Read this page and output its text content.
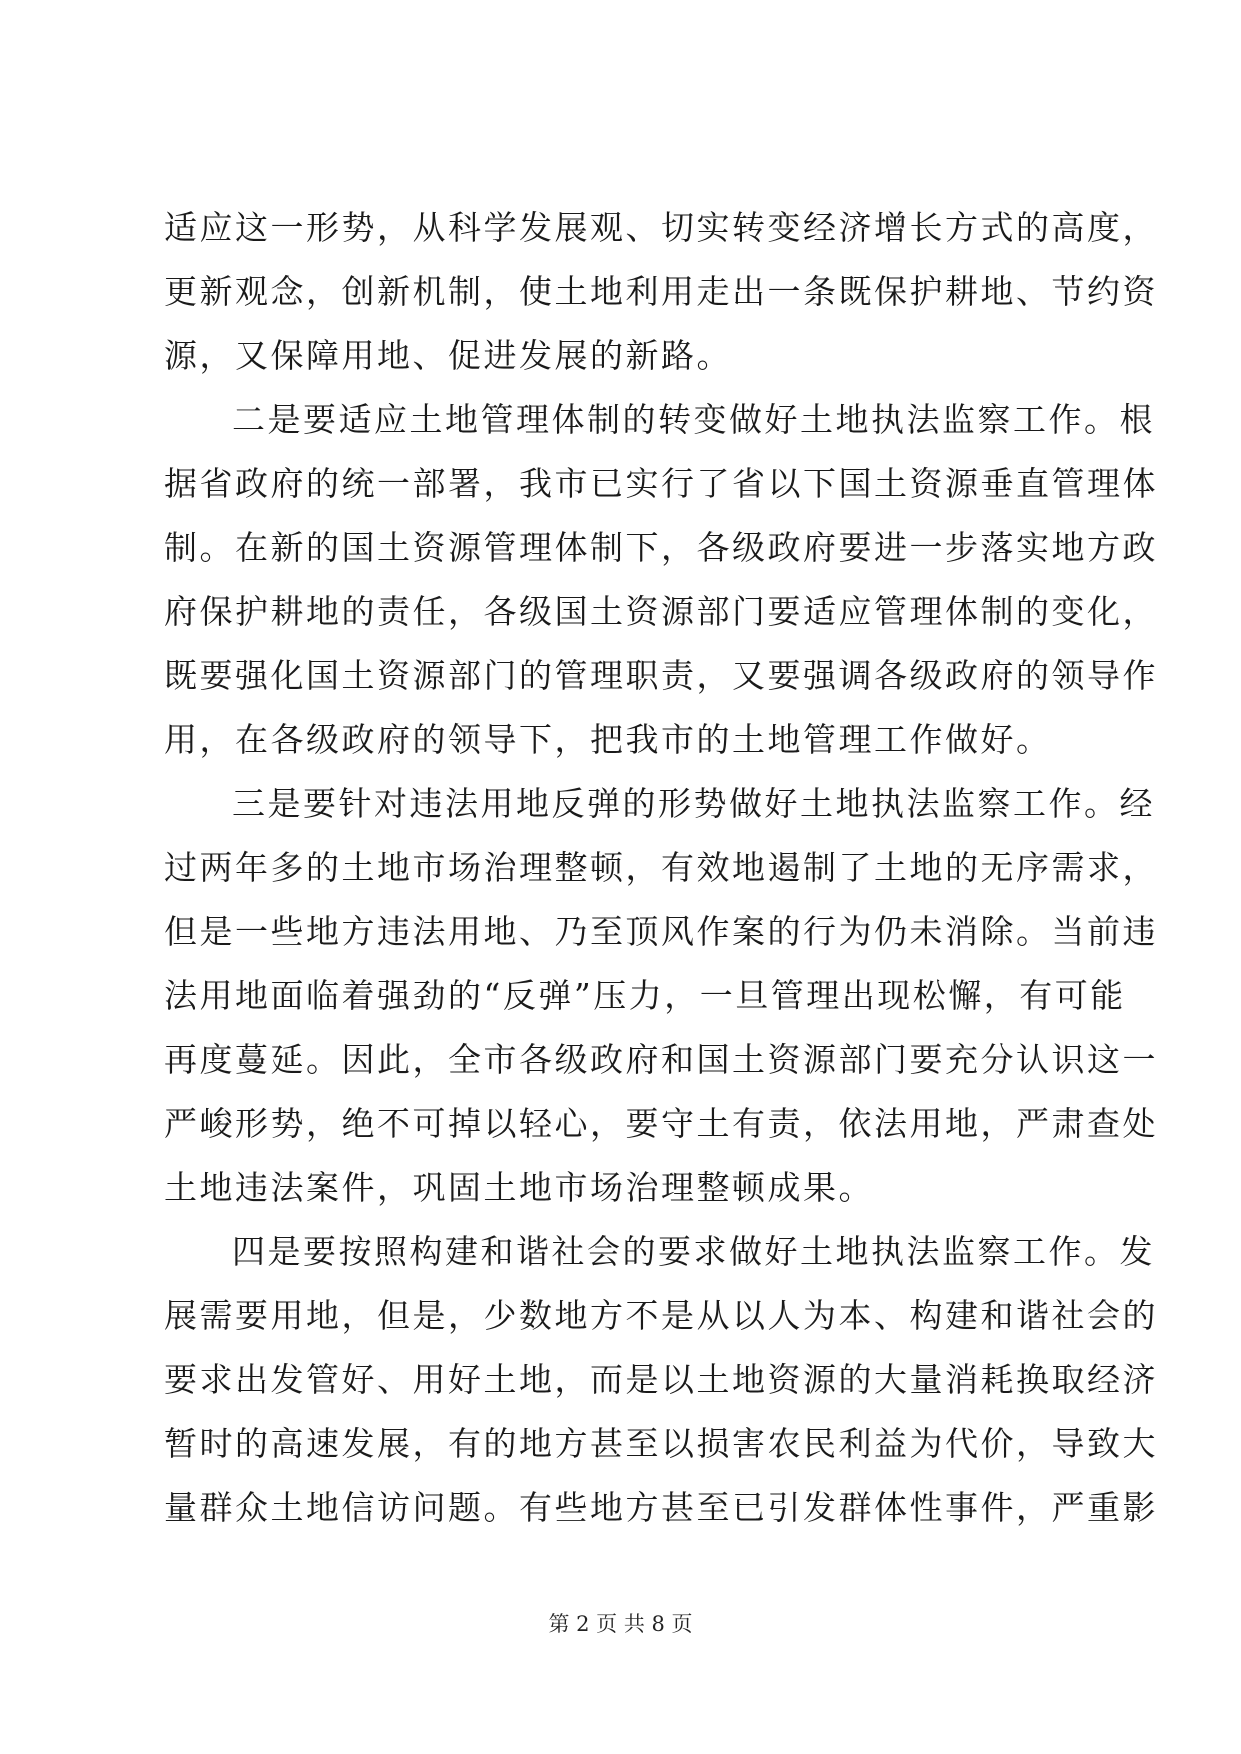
适应这一形势，从科学发展观、切实转变经济增长方式的高度，
更新观念，创新机制，使土地利用走出一条既保护耕地、节约资
源，又保障用地、促进发展的新路。
二是要适应土地管理体制的转变做好土地执法监察工作。根
据省政府的统一部署，我市已实行了省以下国土资源垂直管理体
制。在新的国土资源管理体制下，各级政府要进一步落实地方政
府保护耕地的责任，各级国土资源部门要适应管理体制的变化，
既要强化国土资源部门的管理职责，又要强调各级政府的领导作
用，在各级政府的领导下，把我市的土地管理工作做好。
三是要针对违法用地反弹的形势做好土地执法监察工作。经
过两年多的土地市场治理整顿，有效地遏制了土地的无序需求，
但是一些地方违法用地、乃至顶风作案的行为仍未消除。当前违
法用地面临着强劲的“反弹”压力，一旦管理出现松懈，有可能
再度蔓延。因此，全市各级政府和国土资源部门要充分认识这一
严峻形势，绝不可掉以轻心，要守土有责，依法用地，严肃查处
土地违法案件，巩固土地市场治理整顿成果。
四是要按照构建和谐社会的要求做好土地执法监察工作。发
展需要用地，但是，少数地方不是从以人为本、构建和谐社会的
要求出发管好、用好土地，而是以土地资源的大量消耗换取经济
暂时的高速发展，有的地方甚至以损害农民利益为代价，导致大
量群众土地信访问题。有些地方甚至已引发群体性事件，严重影
第 2 页 共 8 页
